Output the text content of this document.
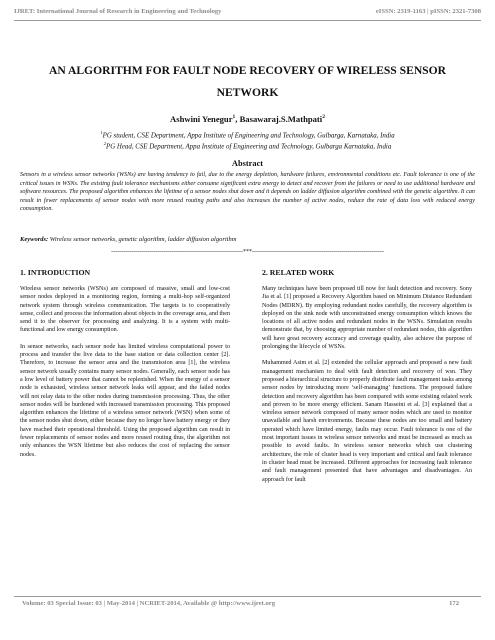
IJRET: International Journal of Research in Engineering and Technology	eISSN: 2319-1163 | pISSN: 2321-7308
AN ALGORITHM FOR FAULT NODE RECOVERY OF WIRELESS SENSOR NETWORK
Ashwini Yenegur$^1$, Basawaraj.S.Mathpati$^2$
$^1$PG student, CSE Department, Appa Institute of Engineering and Technology, Gulbarga, Karnataka, India
$^2$PG Head, CSE Department, Appa Institute of Engineering and Technology, Gulbarga Karnataka, India
Abstract

Sensors in a wireless sensor networks (WSNs) are having tendency to fail, due to the energy depletion, hardware failures, environmental conditions etc. Fault tolerance is one of the critical issues in WSNs. The existing fault tolerance mechanisms either consume significant extra energy to detect and recover from the failures or need to use additional hardware and software resources. The proposed algorithm enhances the lifetime of a sensor nodes shut down and it depends on ladder diffusion algorithm combined with the genetic algorithm. It can result in fewer replacements of sensor nodes with more reused routing paths and also increases the number of active nodes, reduce the rate of data loss with reduced energy consumption.

Keywords: Wireless sensor networks, genetic algorithm, ladder diffusion algorithm
------------------------------------------------------------------***------------------------------------------------------------------
1. INTRODUCTION

Wireless sensor networks (WSNs) are composed of massive, small and low-cost sensor nodes deployed in a monitoring region, forming a multi-hop self-organized network system through wireless communication. The targets is to cooperatively sense, collect and process the information about objects in the coverage area, and then send it to the observer for processing and analyzing. It is a system with multi-functional and low energy consumption.

In sensor networks, each sensor node has limited wireless computational power to process and transfer the live data to the base station or data collection center [2]. Therefore, to increase the sensor area and the transmission area [1], the wireless sensor network usually contains many sensor nodes. Generally, each sensor node has a low level of battery power that cannot be replenished. When the energy of a sensor node is exhausted, wireless sensor network leaks will appear, and the failed nodes will not relay data to the other nodes during transmission processing. Thus, the other sensor nodes will be burdened with increased transmission processing. This proposed algorithm enhances the lifetime of a wireless sensor network (WSN) when some of the sensor nodes shut down, either because they no longer have battery energy or they have reached their operational threshold. Using the proposed algorithm can result in fewer replacements of sensor nodes and more reused routing thus, the algorithm not only enhances the WSN lifetime but also reduces the cost of replacing the sensor nodes.

2. RELATED WORK

Many techniques have been proposed till now for fault detection and recovery. Sony Jia et al. [1] proposed a Recovery Algorithm based on Minimum Distance Redundant Nodes (MDRN). By employing redundant nodes carefully, the recovery algorithm is deployed on the sink node with unconstrained energy consumption which knows the locations of all active nodes and redundant nodes in the WSNs. Simulation results demonstrate that, by choosing appropriate number of redundant nodes, this algorithm will have great recovery accuracy and coverage quality, also achieve the purpose of prolonging the lifecycle of WSNs.

Muhammed Asim et al. [2] extended the cellular approach and proposed a new fault management mechanism to deal with fault detection and recovery of wsn. They proposed a hierarchical structure to properly distribute fault management tasks among sensor nodes by introducing more ‘self-managing’ functions. The proposed failure detection and recovery algorithm has been compared with some existing related work and proven to be more energy efficient. Sanam Hasseini et al. [3] explained that a wireless sensor network composed of many sensor nodes which are used to monitor unavailable and harsh environments. Because these nodes are too small and battery operated which have limited energy, faults may occur. Fault tolerance is one of the most important issues in wireless sensor networks and must be increased as much as possible to avoid faults. In wireless sensor networks which use clustering architecture, the role of cluster head is very important and critical and fault tolerance in cluster head must be increased. Different approaches for increasing fault tolerance and fault management presented that have advantages and disadvantages. An approach for fault

Volume: 03 Special Issue: 03 | May-2014 | NCRIET-2014, Available @ http://www.ijret.org	172
